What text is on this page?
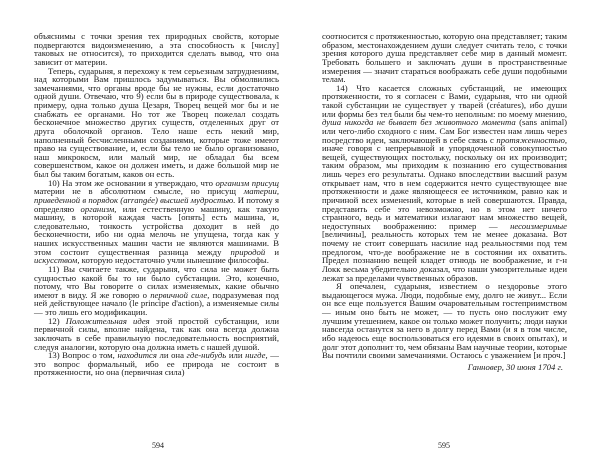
объяснимы с точки зрения тех природных свойств, которые подвергаются видоизменению, а эта способность к [числу] таковых не относится), то приходится сделать вывод, что она зависит от материи.

Теперь, сударыня, я перехожу к тем серьезным затруднениям, над которыми Вам пришлось задумываться. Вы обмолвились замечаниями, что органы вроде бы не нужны, если достаточно одной души. Отвечаю, что 9) если бы в природе существовала, к примеру, одна только душа Цезаря, Творец вещей мог бы и не снабжать ее органами. Но тот же Творец пожелал создать бесконечное множество других существ, отделенных друг от друга оболочкой органов. Тело наше есть некий мир, наполненный бесчисленными созданиями, которые тоже имеют право на существование, и, если бы тело не было организовано, наш микрокосм, или малый мир, не обладал бы всем совершенством, какое он должен иметь, и даже большой мир не был бы таким богатым, каков он есть.

10) На этом же основании я утверждаю, что организм присущ материи не в абсолютном смысле, но присущ материи, приведенной в порядок (arrangée) высшей мудростью. И потому я определяю организм, или естественную машину, как такую машину, в которой каждая часть [опять] есть машина, и, следовательно, тонкость устройства доходит в ней до бесконечности, ибо ни одна мелочь не упущена, тогда как у наших искусственных машин части не являются машинами. В этом состоит существенная разница между природой и искусством, которую недостаточно учли нынешние философы.

11) Вы считаете также, сударыня, что сила не может быть сущностью какой бы то ни было субстанции. Это, конечно, потому, что Вы говорите о силах изменяемых, какие обычно имеют в виду. Я же говорю о первичной силе, подразумевая под ней действующее начало (le principe d'action), а изменяемые силы — это лишь его модификации.

12) Положительная идея этой простой субстанции, или первичной силы, вполне найдена, так как она всегда должна заключать в себе правильную последовательность восприятий, следуя аналогии, которую она должна иметь с нашей душой.

13) Вопрос о том, находится ли она где-нибудь или нигде, — это вопрос формальный, ибо ее природа не состоит в протяженности, но она (первичная сила)

соотносится с протяженностью, которую она представляет; таким образом, местонахождением души следует считать тело, с точки зрения которого душа представляет себе мир в данный момент. Требовать большего и заключать души в пространственные измерения — значит стараться воображать себе души подобными телам.

14) Что касается сложных субстанций, не имеющих протяженности, то я согласен с Вами, сударыня, что ни одной такой субстанции не существует у тварей (créatures), ибо души или формы без тел были бы чем-то неполным: по моему мнению, душа никогда не бывает без животного момента (sans animal) или чего-либо сходного с ним. Сам Бог известен нам лишь через посредство идеи, заключающей в себе связь с протяженностью, иначе говоря с непрерывной и упорядоченной совокупностью вещей, существующих постольку, поскольку он их производит; таким образом, мы приходим к познанию его существования лишь через его результаты. Однако впоследствии высший разум открывает нам, что в нем содержится нечто существующее вне протяженности и даже являющееся ее источником, равно как и причиной всех изменений, которые в ней совершаются. Правда, представить себе это невозможно, но в этом нет ничего странного, ведь и математики излагают нам множество вещей, недоступных воображению: пример — несоизмеримые [величины], реальность которых тем не менее доказана. Вот почему не стоит совершать насилие над реальностями под тем предлогом, что-де воображение не в состоянии их охватить. Предел познанию вещей кладет отнюдь не воображение, и г-н Локк весьма убедительно доказал, что наши умозрительные идеи лежат за пределами чувственных образов.

Я опечален, сударыня, известием о нездоровье этого выдающегося мужа. Люди, подобные ему, долго не живут... Если он все еще пользуется Вашим очаровательным гостеприимством — иным оно быть не может, — то пусть оно послужит ему лучшим утешением, какое он только может получить; люди науки навсегда останутся за него в долгу перед Вами (и я в том числе, ибо надеюсь еще воспользоваться его идеями в своих опытах), и долг этот дополнит то, чем обязаны Вам научные теории, которые Вы почтили своими замечаниями. Остаюсь с уважением [и проч.]

Ганновер, 30 июня 1704 г.
594	595
